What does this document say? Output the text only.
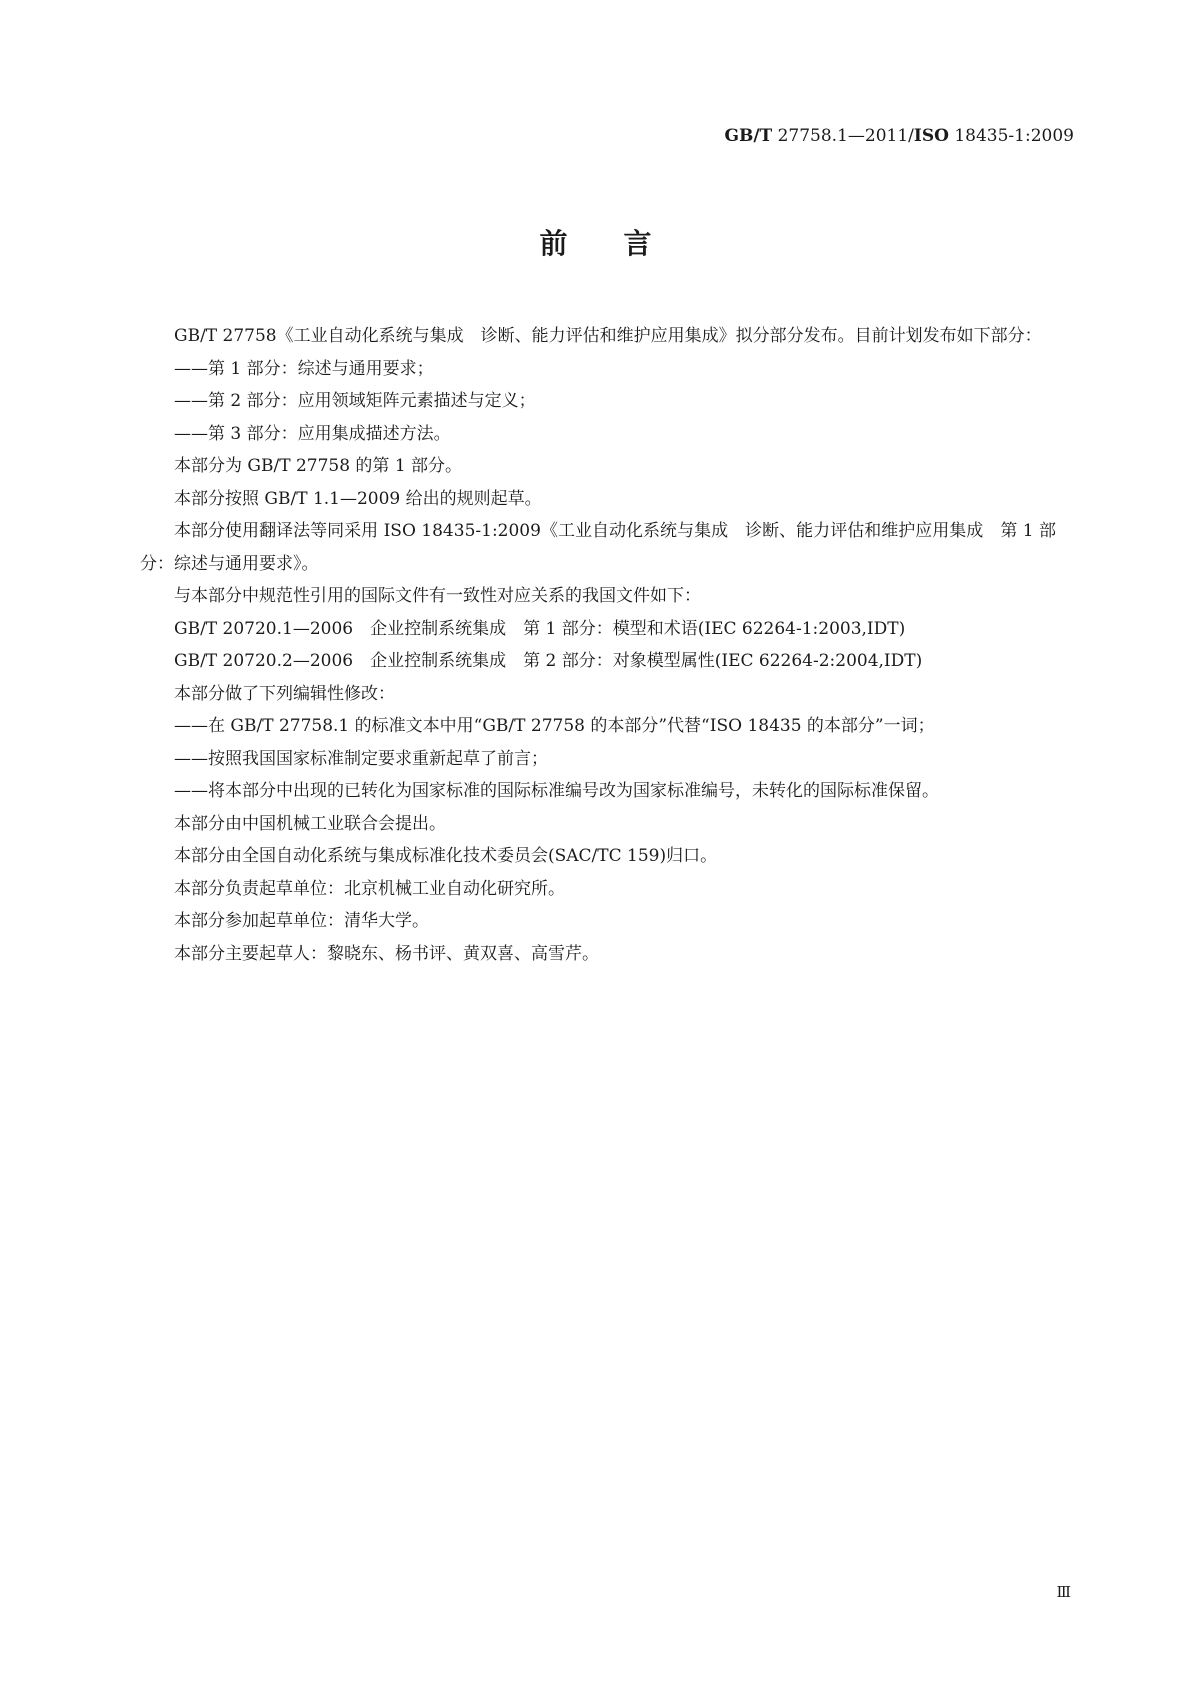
GB/T 27758.1—2011/ISO 18435-1:2009
前言

GB/T 27758《工业自动化系统与集成　诊断、能力评估和维护应用集成》拟分部分发布。目前计划发布如下部分：

——第 1 部分：综述与通用要求；

——第 2 部分：应用领域矩阵元素描述与定义；

——第 3 部分：应用集成描述方法。

本部分为 GB/T 27758 的第 1 部分。

本部分按照 GB/T 1.1—2009 给出的规则起草。

本部分使用翻译法等同采用 ISO 18435-1:2009《工业自动化系统与集成　诊断、能力评估和维护应用集成　第 1 部分：综述与通用要求》。

与本部分中规范性引用的国际文件有一致性对应关系的我国文件如下：

GB/T 20720.1—2006　企业控制系统集成　第 1 部分：模型和术语(IEC 62264-1:2003,IDT)

GB/T 20720.2—2006　企业控制系统集成　第 2 部分：对象模型属性(IEC 62264-2:2004,IDT)

本部分做了下列编辑性修改：

——在 GB/T 27758.1 的标准文本中用“GB/T 27758 的本部分”代替“ISO 18435 的本部分”一词；

——按照我国国家标准制定要求重新起草了前言；

——将本部分中出现的已转化为国家标准的国际标准编号改为国家标准编号，未转化的国际标准保留。

本部分由中国机械工业联合会提出。

本部分由全国自动化系统与集成标准化技术委员会(SAC/TC 159)归口。

本部分负责起草单位：北京机械工业自动化研究所。

本部分参加起草单位：清华大学。

本部分主要起草人：黎晓东、杨书评、黄双喜、高雪芹。

Ⅲ
